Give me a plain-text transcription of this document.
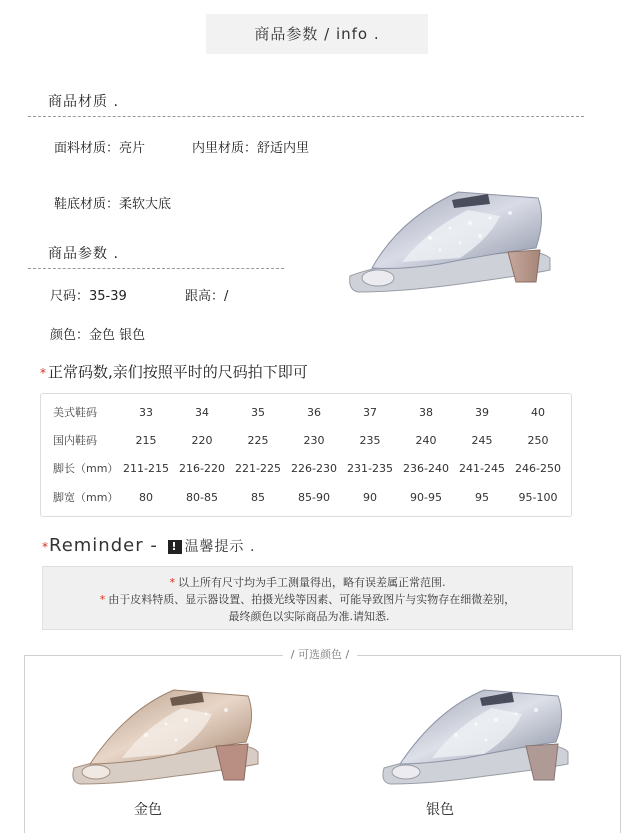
商品参数 / info .
商品材质 .
面料材质：亮片	内里材质：舒适内里
鞋底材质：柔软大底
商品参数 .
尺码：35-39	跟高：/
颜色：金色 银色
* 正常码数,亲们按照平时的尺码拍下即可
美式鞋码	33	34	35	36	37	38	39	40
国内鞋码	215	220	225	230	235	240	245	250
脚长（mm） 211-215 216-220 221-225 226-230 231-235 236-240 241-245 246-250
脚宽（mm）	80	80-85	85	85-90	90	90-95	95	95-100
*Reminder - ! 温馨提示 .
* 以上所有尺寸均为手工测量得出，略有误差属正常范围.
* 由于皮料特质、显示器设置、拍摄光线等因素、可能导致图片与实物存在细微差别，
最终颜色以实际商品为准.请知悉.
/ 可选颜色 /
金色	银色
